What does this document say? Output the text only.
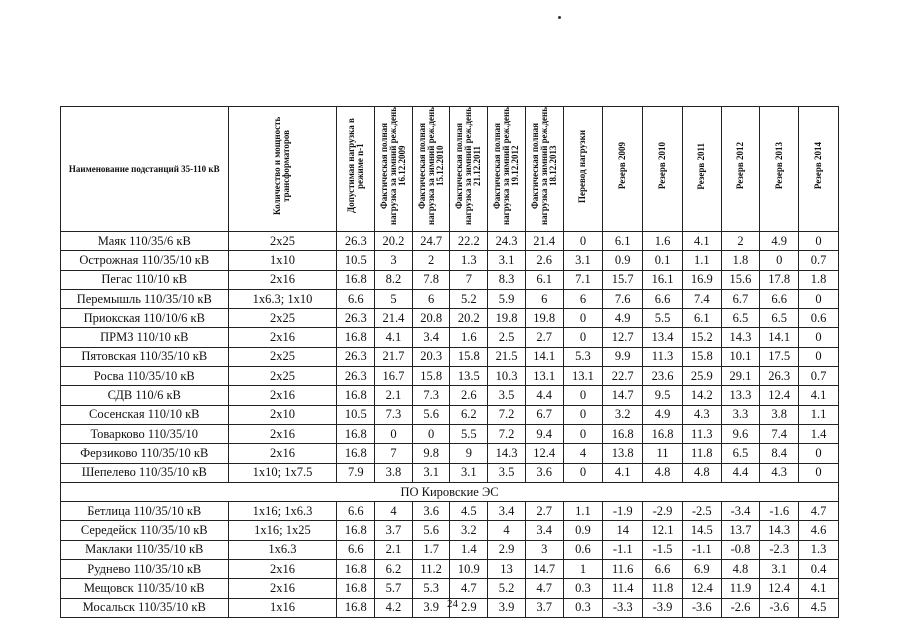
Наименование подстанций 35-110 кВ	Количество и мощность трансформаторов	Допустимая нагрузка в режиме n-1	Фактическая полная нагрузка за зимний реж.день 16.12.2009	Фактическая полная нагрузка за зимний реж.день 15.12.2010	Фактическая полная нагрузка за зимний реж.день 21.12.2011	Фактическая полная нагрузка за зимний реж.день 19.12.2012	Фактическая полная нагрузка за зимний реж.день 18.12.2013	Перевод нагрузки	Резерв 2009	Резерв 2010	Резерв 2011	Резерв 2012	Резерв 2013	Резерв 2014
Маяк 110/35/6 кВ	2x25	26.3	20.2	24.7	22.2	24.3	21.4	0	6.1	1.6	4.1	2	4.9	0
Острожная 110/35/10 кВ	1x10	10.5	3	2	1.3	3.1	2.6	3.1	0.9	0.1	1.1	1.8	0	0.7
Пегас 110/10 кВ	2x16	16.8	8.2	7.8	7	8.3	6.1	7.1	15.7	16.1	16.9	15.6	17.8	1.8
Перемышль 110/35/10 кВ	1x6.3; 1x10	6.6	5	6	5.2	5.9	6	6	7.6	6.6	7.4	6.7	6.6	0
Приокская 110/10/6 кВ	2x25	26.3	21.4	20.8	20.2	19.8	19.8	0	4.9	5.5	6.1	6.5	6.5	0.6
ПРМЗ 110/10 кВ	2x16	16.8	4.1	3.4	1.6	2.5	2.7	0	12.7	13.4	15.2	14.3	14.1	0
Пятовская 110/35/10 кВ	2x25	26.3	21.7	20.3	15.8	21.5	14.1	5.3	9.9	11.3	15.8	10.1	17.5	0
Росва 110/35/10 кВ	2x25	26.3	16.7	15.8	13.5	10.3	13.1	13.1	22.7	23.6	25.9	29.1	26.3	0.7
СДВ 110/6 кВ	2x16	16.8	2.1	7.3	2.6	3.5	4.4	0	14.7	9.5	14.2	13.3	12.4	4.1
Сосенская 110/10 кВ	2x10	10.5	7.3	5.6	6.2	7.2	6.7	0	3.2	4.9	4.3	3.3	3.8	1.1
Товарково 110/35/10	2x16	16.8	0	0	5.5	7.2	9.4	0	16.8	16.8	11.3	9.6	7.4	1.4
Ферзиково 110/35/10 кВ	2x16	16.8	7	9.8	9	14.3	12.4	4	13.8	11	11.8	6.5	8.4	0
Шепелево 110/35/10 кВ	1x10; 1x7.5	7.9	3.8	3.1	3.1	3.5	3.6	0	4.1	4.8	4.8	4.4	4.3	0
ПО Кировские ЭС														
Бетлица 110/35/10 кВ	1x16; 1x6.3	6.6	4	3.6	4.5	3.4	2.7	1.1	-1.9	-2.9	-2.5	-3.4	-1.6	4.7
Середейск 110/35/10 кВ	1x16; 1x25	16.8	3.7	5.6	3.2	4	3.4	0.9	14	12.1	14.5	13.7	14.3	4.6
Маклаки 110/35/10 кВ	1x6.3	6.6	2.1	1.7	1.4	2.9	3	0.6	-1.1	-1.5	-1.1	-0.8	-2.3	1.3
Руднево 110/35/10 кВ	2x16	16.8	6.2	11.2	10.9	13	14.7	1	11.6	6.6	6.9	4.8	3.1	0.4
Мещовск 110/35/10 кВ	2x16	16.8	5.7	5.3	4.7	5.2	4.7	0.3	11.4	11.8	12.4	11.9	12.4	4.1
Мосальск 110/35/10 кВ	1x16	16.8	4.2	3.9	2.9	3.9	3.7	0.3	-3.3	-3.9	-3.6	-2.6	-3.6	4.5
24
